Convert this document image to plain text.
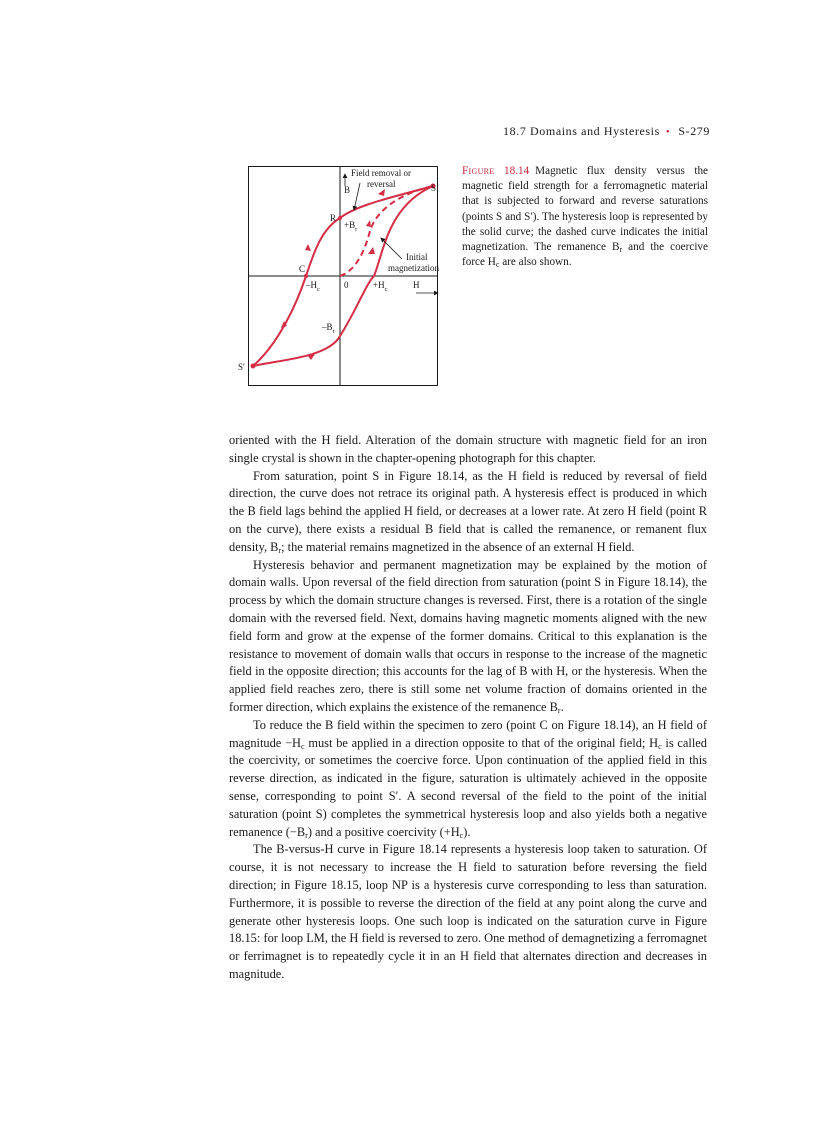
18.7 Domains and Hysteresis • S-279
Field removal or
reversal
B	S
R
$+B_r$
Initial
magnetization
C
$-H_c$	0	$+H_c$	H
$-B_r$
S'
Figure 18.14 Magnetic flux density versus the magnetic field strength for a ferromagnetic material that is subjected to forward and reverse saturations (points S and S′). The hysteresis loop is represented by the solid curve; the dashed curve indicates the initial magnetization. The remanence $B_r$ and the coercive force $H_c$ are also shown.

oriented with the H field. Alteration of the domain structure with magnetic field for an iron single crystal is shown in the chapter-opening photograph for this chapter.

From saturation, point S in Figure 18.14, as the H field is reduced by reversal of field direction, the curve does not retrace its original path. A hysteresis effect is produced in which the B field lags behind the applied H field, or decreases at a lower rate. At zero H field (point R on the curve), there exists a residual B field that is called the remanence, or remanent flux density, $B_r$; the material remains magnetized in the absence of an external H field.

Hysteresis behavior and permanent magnetization may be explained by the motion of domain walls. Upon reversal of the field direction from saturation (point S in Figure 18.14), the process by which the domain structure changes is reversed. First, there is a rotation of the single domain with the reversed field. Next, domains having magnetic moments aligned with the new field form and grow at the expense of the former domains. Critical to this explanation is the resistance to movement of domain walls that occurs in response to the increase of the magnetic field in the opposite direction; this accounts for the lag of B with H, or the hysteresis. When the applied field reaches zero, there is still some net volume fraction of domains oriented in the former direction, which explains the existence of the remanence $B_r$.

To reduce the B field within the specimen to zero (point C on Figure 18.14), an H field of magnitude $-H_c$ must be applied in a direction opposite to that of the original field; $H_c$ is called the coercivity, or sometimes the coercive force. Upon continuation of the applied field in this reverse direction, as indicated in the figure, saturation is ultimately achieved in the opposite sense, corresponding to point S′. A second reversal of the field to the point of the initial saturation (point S) completes the symmetrical hysteresis loop and also yields both a negative remanence $(-B_r)$ and a positive coercivity $(+H_c)$.

The B-versus-H curve in Figure 18.14 represents a hysteresis loop taken to saturation. Of course, it is not necessary to increase the H field to saturation before reversing the field direction; in Figure 18.15, loop NP is a hysteresis curve corresponding to less than saturation. Furthermore, it is possible to reverse the direction of the field at any point along the curve and generate other hysteresis loops. One such loop is indicated on the saturation curve in Figure 18.15: for loop LM, the H field is reversed to zero. One method of demagnetizing a ferromagnet or ferrimagnet is to repeatedly cycle it in an H field that alternates direction and decreases in magnitude.
